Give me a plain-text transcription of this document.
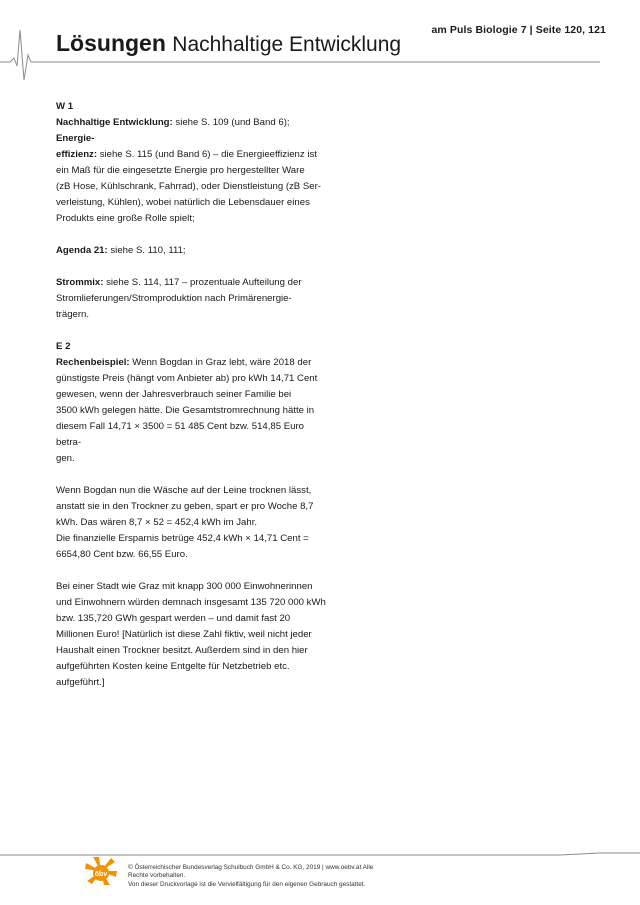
am Puls Biologie 7 | Seite 120, 121
Lösungen Nachhaltige Entwicklung

W 1

Nachhaltige Entwicklung: siehe S. 109 (und Band 6); Energie-
effizienz: siehe S. 115 (und Band 6) – die Energieeffizienz ist
ein Maß für die eingesetzte Energie pro hergestellter Ware
(zB Hose, Kühlschrank, Fahrrad), oder Dienstleistung (zB Ser-
verleistung, Kühlen), wobei natürlich die Lebensdauer eines
Produkts eine große Rolle spielt;

Agenda 21: siehe S. 110, 111;

Strommix: siehe S. 114, 117 – prozentuale Aufteilung der
Stromlieferungen/Stromproduktion nach Primärenergie-
trägern.

E 2

Rechenbeispiel: Wenn Bogdan in Graz lebt, wäre 2018 der
günstigste Preis (hängt vom Anbieter ab) pro kWh 14,71 Cent
gewesen, wenn der Jahresverbrauch seiner Familie bei
3500 kWh gelegen hätte. Die Gesamtstromrechnung hätte in
diesem Fall 14,71 × 3500 = 51 485 Cent bzw. 514,85 Euro betra-
gen.

Wenn Bogdan nun die Wäsche auf der Leine trocknen lässt,
anstatt sie in den Trockner zu geben, spart er pro Woche 8,7
kWh. Das wären 8,7 × 52 = 452,4 kWh im Jahr.
Die finanzielle Ersparnis betrüge 452,4 kWh × 14,71 Cent =
6654,80 Cent bzw. 66,55 Euro.

Bei einer Stadt wie Graz mit knapp 300 000 Einwohnerinnen
und Einwohnern würden demnach insgesamt 135 720 000 kWh
bzw. 135,720 GWh gespart werden – und damit fast 20
Millionen Euro! [Natürlich ist diese Zahl fiktiv, weil nicht jeder
Haushalt einen Trockner besitzt. Außerdem sind in den hier
aufgeführten Kosten keine Entgelte für Netzbetrieb etc.
aufgeführt.]

öbv
© Österreichischer Bundesverlag Schulbuch GmbH & Co. KG, 2019 | www.oebv.at Alle
Rechte vorbehalten.
Von dieser Druckvorlage ist die Vervielfältigung für den eigenen Gebrauch gestattet.
